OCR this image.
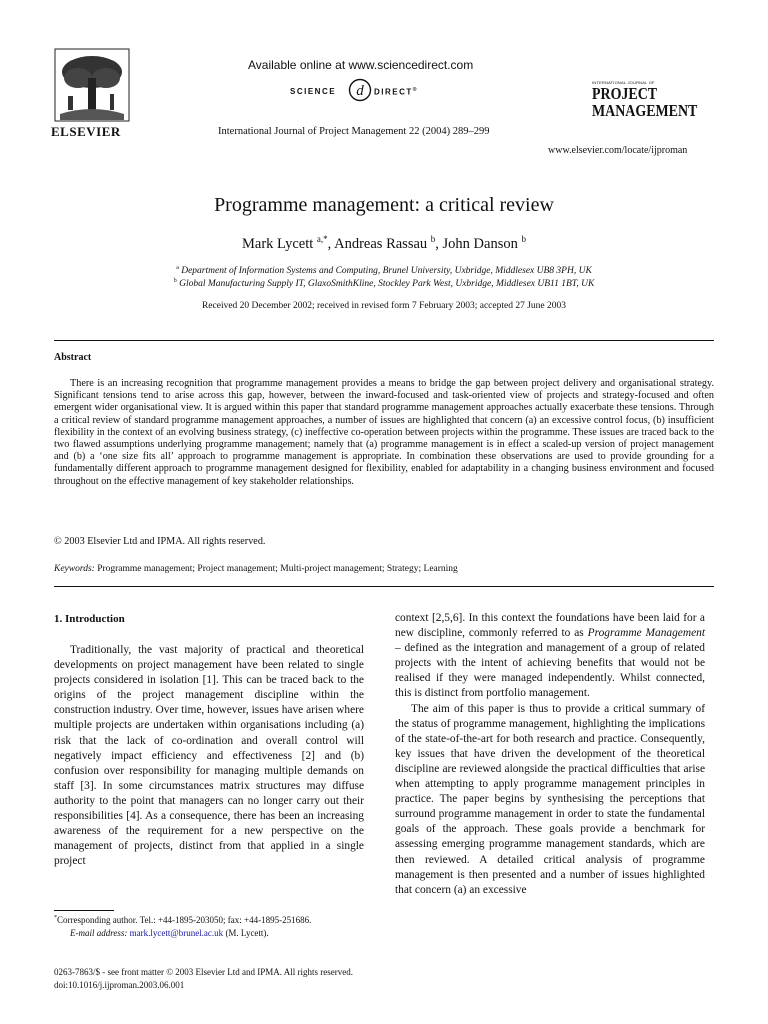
ELSEVIER
Available online at www.sciencedirect.com
SCIENCE d DIRECT®
International Journal of Project Management 22 (2004) 289–299
INTERNATIONAL JOURNAL OF
PROJECT
MANAGEMENT
www.elsevier.com/locate/ijproman
Programme management: a critical review
Mark Lycett $^{a,*}$, Andreas Rassau $^b$, John Danson $^b$
$^a$ Department of Information Systems and Computing, Brunel University, Uxbridge, Middlesex UB8 3PH, UK
$^b$ Global Manufacturing Supply IT, GlaxoSmithKline, Stockley Park West, Uxbridge, Middlesex UB11 1BT, UK
Received 20 December 2002; received in revised form 7 February 2003; accepted 27 June 2003
Abstract

There is an increasing recognition that programme management provides a means to bridge the gap between project delivery and organisational strategy. Significant tensions tend to arise across this gap, however, between the inward-focused and task-oriented view of projects and strategy-focused and often emergent wider organisational view. It is argued within this paper that standard programme management approaches actually exacerbate these tensions. Through a critical review of standard programme management approaches, a number of issues are highlighted that concern (a) an excessive control focus, (b) insufficient flexibility in the context of an evolving business strategy, (c) ineffective co-operation between projects within the programme. These issues are traced back to the two flawed assumptions underlying programme management; namely that (a) programme management is in effect a scaled-up version of project management and (b) a ‘one size fits all’ approach to programme management is appropriate. In combination these observations are used to provide grounding for a fundamentally different approach to programme management designed for flexibility, enabled for adaptability in a changing business environment and focused throughout on the effective management of key stakeholder relationships.

© 2003 Elsevier Ltd and IPMA. All rights reserved.
Keywords: Programme management; Project management; Multi-project management; Strategy; Learning
1. Introduction

Traditionally, the vast majority of practical and theoretical developments on project management have been related to single projects considered in isolation [1]. This can be traced back to the origins of the project management discipline within the construction industry. Over time, however, issues have arisen where multiple projects are undertaken within organisations including (a) risk that the lack of co-ordination and overall control will negatively impact efficiency and effectiveness [2] and (b) confusion over responsibility for managing multiple demands on staff [3]. In some circumstances matrix structures may diffuse authority to the point that managers can no longer carry out their responsibilities [4]. As a consequence, there has been an increasing awareness of the requirement for a new perspective on the management of projects, distinct from that applied in a single project

context [2,5,6]. In this context the foundations have been laid for a new discipline, commonly referred to as Programme Management – defined as the integration and management of a group of related projects with the intent of achieving benefits that would not be realised if they were managed independently. Whilst connected, this is distinct from portfolio management.

The aim of this paper is thus to provide a critical summary of the status of programme management, highlighting the implications of the state-of-the-art for both research and practice. Consequently, key issues that have driven the development of the theoretical discipline are reviewed alongside the practical difficulties that arise when attempting to apply programme management principles in practice. The paper begins by synthesising the perceptions that surround programme management in order to state the fundamental goals of the approach. These goals provide a benchmark for assessing emerging programme management standards, which are then reviewed. A detailed critical analysis of programme management is then presented and a number of issues highlighted that concern (a) an excessive

*Corresponding author. Tel.: +44-1895-203050; fax: +44-1895-251686.
E-mail address: mark.lycett@brunel.ac.uk (M. Lycett).
0263-7863/$ - see front matter © 2003 Elsevier Ltd and IPMA. All rights reserved.
doi:10.1016/j.ijproman.2003.06.001
